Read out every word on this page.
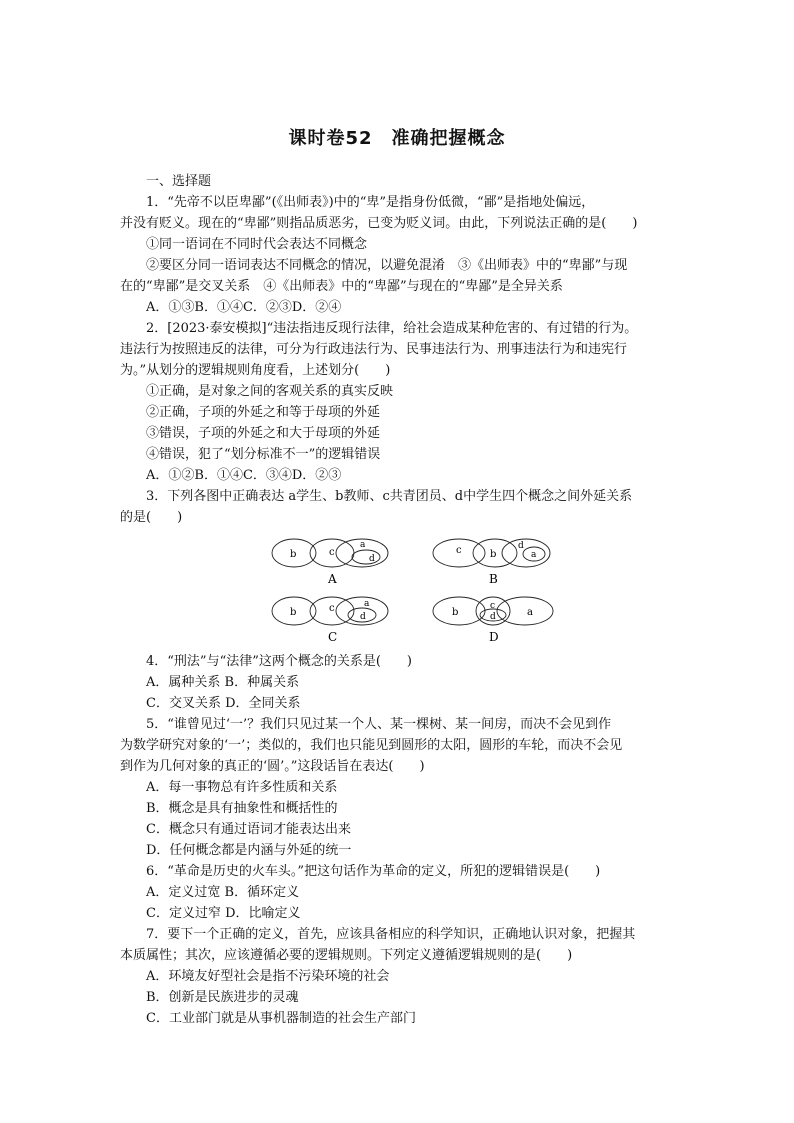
课时卷52　准确把握概念
一、选择题
1．“先帝不以臣卑鄙”(《出师表》)中的“卑”是指身份低微，“鄙”是指地处偏远，
并没有贬义。现在的“卑鄙”则指品质恶劣，已变为贬义词。由此，下列说法正确的是(　　)
①同一语词在不同时代会表达不同概念
②要区分同一语词表达不同概念的情况，以避免混淆　③《出师表》中的“卑鄙”与现
在的“卑鄙”是交叉关系　④《出师表》中的“卑鄙”与现在的“卑鄙”是全异关系
A．①③B．①④C．②③D．②④
2．[2023·泰安模拟]“违法指违反现行法律，给社会造成某种危害的、有过错的行为。
违法行为按照违反的法律，可分为行政违法行为、民事违法行为、刑事违法行为和违宪行
为。”从划分的逻辑规则角度看，上述划分(　　)
①正确，是对象之间的客观关系的真实反映
②正确，子项的外延之和等于母项的外延
③错误，子项的外延之和大于母项的外延
④错误，犯了“划分标准不一”的逻辑错误
A．①②B．①④C．③④D．②③
3．下列各图中正确表达 a学生、b教师、c共青团员、d中学生四个概念之间外延关系
的是(　　)
b	c
a
d
A
c	b
d
a
B
b	c	a
d
C
b
c
a
d
D
4．“刑法”与“法律”这两个概念的关系是(　　)
A．属种关系 B．种属关系
C．交叉关系 D．全同关系
5．“谁曾见过‘一’？我们只见过某一个人、某一棵树、某一间房，而决不会见到作
为数学研究对象的‘一’；类似的，我们也只能见到圆形的太阳，圆形的车轮，而决不会见
到作为几何对象的真正的‘圆’。”这段话旨在表达(　　)
A．每一事物总有许多性质和关系
B．概念是具有抽象性和概括性的
C．概念只有通过语词才能表达出来
D．任何概念都是内涵与外延的统一
6．“革命是历史的火车头。”把这句话作为革命的定义，所犯的逻辑错误是(　　)
A．定义过宽 B．循环定义
C．定义过窄 D．比喻定义
7．要下一个正确的定义，首先，应该具备相应的科学知识，正确地认识对象，把握其
本质属性；其次，应该遵循必要的逻辑规则。下列定义遵循逻辑规则的是(　　)
A．环境友好型社会是指不污染环境的社会
B．创新是民族进步的灵魂
C．工业部门就是从事机器制造的社会生产部门
